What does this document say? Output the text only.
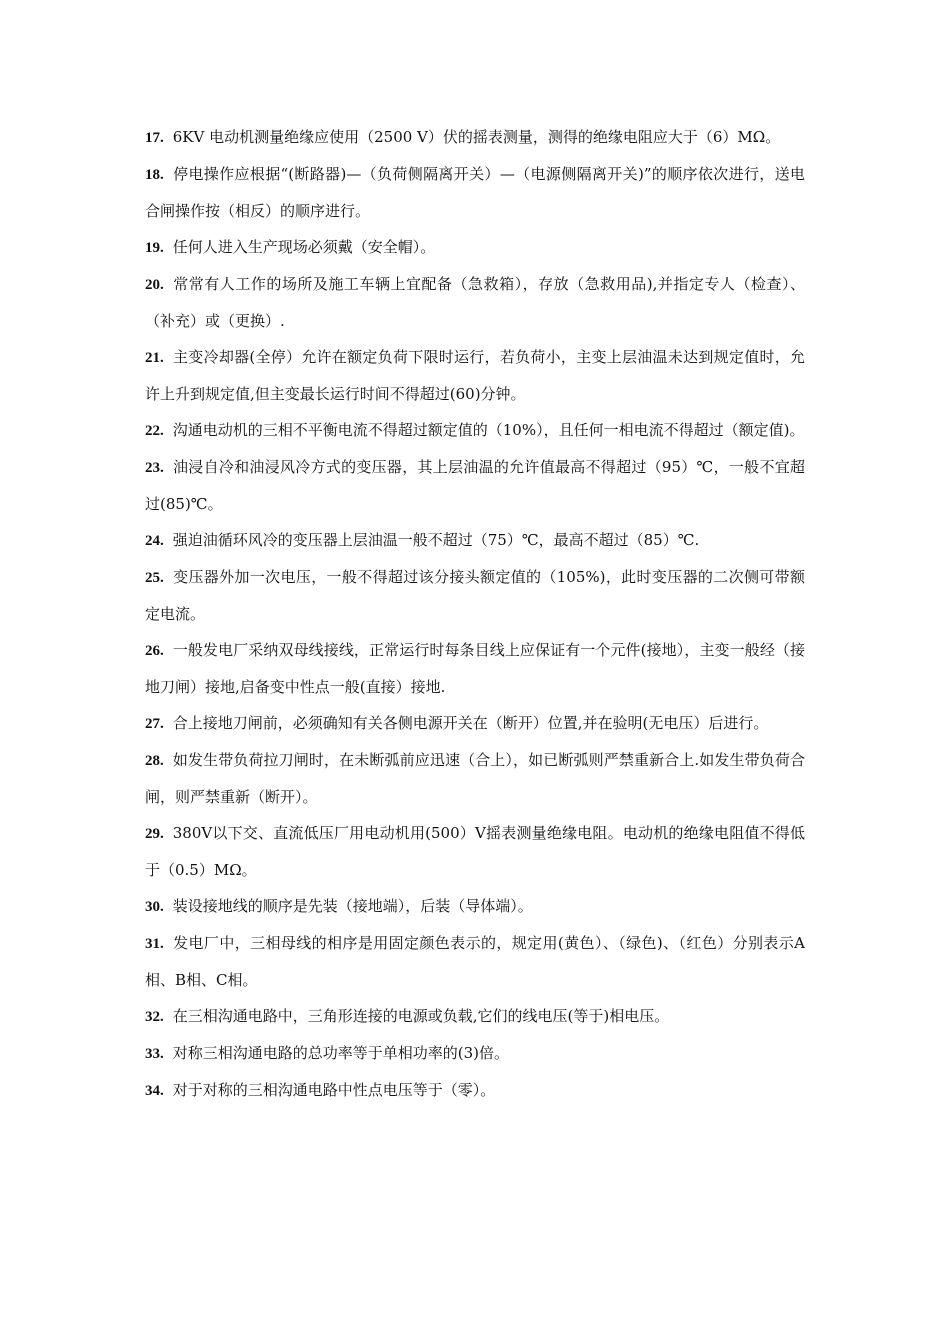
17. 6KV 电动机测量绝缘应使用（2500 V）伏的摇表测量，测得的绝缘电阻应大于（6）MΩ。

18. 停电操作应根据“(断路器)—（负荷侧隔离开关）—（电源侧隔离开关)”的顺序依次进行，送电合闸操作按（相反）的顺序进行。

19. 任何人进入生产现场必须戴（安全帽）。

20. 常常有人工作的场所及施工车辆上宜配备（急救箱），存放（急救用品),并指定专人（检查）、（补充）或（更换）.

21. 主变冷却器(全停）允许在额定负荷下限时运行，若负荷小，主变上层油温未达到规定值时，允许上升到规定值,但主变最长运行时间不得超过(60)分钟。

22. 沟通电动机的三相不平衡电流不得超过额定值的（10%），且任何一相电流不得超过（额定值)。

23. 油浸自冷和油浸风冷方式的变压器，其上层油温的允许值最高不得超过（95）℃，一般不宜超过(85)℃。

24. 强迫油循环风冷的变压器上层油温一般不超过（75）℃，最高不超过（85）℃.

25. 变压器外加一次电压，一般不得超过该分接头额定值的（105%)，此时变压器的二次侧可带额定电流。

26. 一般发电厂采纳双母线接线，正常运行时每条目线上应保证有一个元件(接地），主变一般经（接地刀闸）接地,启备变中性点一般(直接）接地.

27. 合上接地刀闸前，必须确知有关各侧电源开关在（断开）位置,并在验明(无电压）后进行。

28. 如发生带负荷拉刀闸时，在未断弧前应迅速（合上），如已断弧则严禁重新合上.如发生带负荷合闸，则严禁重新（断开）。

29. 380V以下交、直流低压厂用电动机用(500）V摇表测量绝缘电阻。电动机的绝缘电阻值不得低于（0.5）MΩ。

30. 装设接地线的顺序是先装（接地端），后装（导体端）。

31. 发电厂中，三相母线的相序是用固定颜色表示的，规定用(黄色）、（绿色)、（红色）分别表示A相、B相、C相。

32. 在三相沟通电路中，三角形连接的电源或负载,它们的线电压(等于)相电压。

33. 对称三相沟通电路的总功率等于单相功率的(3)倍。

34. 对于对称的三相沟通电路中性点电压等于（零）。
